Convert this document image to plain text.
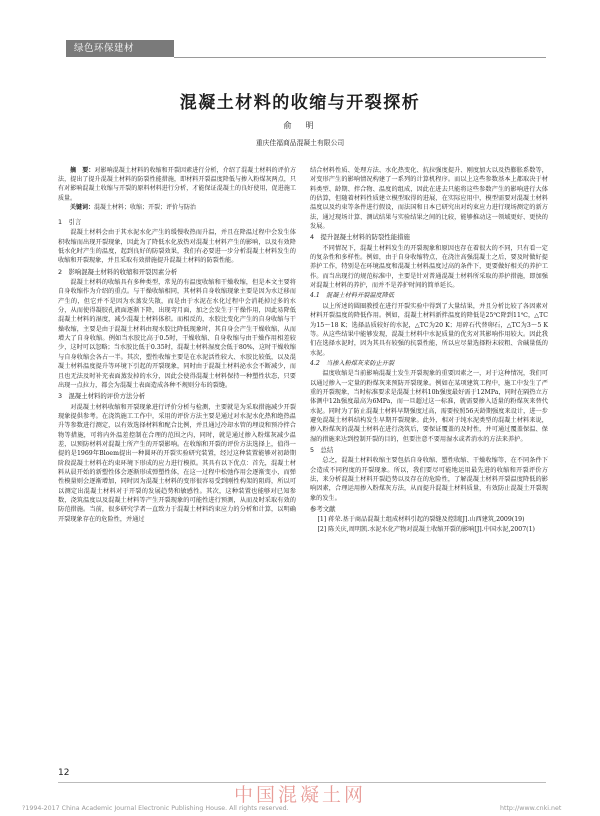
绿色环保建材
混凝土材料的收缩与开裂探析
俞　明
重庆佳福商品混凝土有限公司

摘　要：对影响混凝土材料的收缩和开裂因素进行分析，介绍了混凝土材料的评价方法，提出了提升混凝土材料的防裂性能措施，即材料开裂温度降低与掺入粉煤灰两点，只有对影响混凝土收缩与开裂的原料材料进行分析，才能保证混凝土的良好使用，促进施工质量。

关键词：混凝土材料；收缩；开裂；评价与防治

1　引言

混凝土材料会由于其水泥水化产生的缓慢收热而升温，并且在降温过程中会发生体积收缩而出现开裂现象，因此为了降低水化放热对混凝土材料产生的影响，以及有效降低水化时产生的温度，起到良好的防裂效果，我们有必要进一步分析混凝土材料发生的收缩和开裂现象，并且采取有效措施提升混凝土材料的防裂性能。

2　影响混凝土材料的收缩和开裂因素分析

混凝土材料的收缩具有多种类型，常见的有温度收缩和干燥收缩，但是本文主要将自身收缩作为介绍的重点。与干燥收缩相同，其材料自身收缩现象主要是因为水迁移而产生的，但它并不是因为水蒸发失散，而是由于水泥在水化过程中会消耗掉过多的水分，从而使得凝胶孔液面逐渐下降，出现弯月面，加之会发生于干燥作用，因此易降低混凝土材料的湿度，减少混凝土材料体积。而相反的，水胶比变化产生的自身收缩与干燥收缩，主要是由于混凝土材料由现水胶比降低现象时，其自身会产生干燥收缩，从而增大了自身收缩。例如当水胶比高于0.5时，干燥收缩、自身收缩与由干燥作用相差较少，这时可以忽略；当水胶比低于0.35时，混凝土材料湿度会低于80%，这时干燥收缩与自身收缩会各占一半。其次，塑性收缩主要是在水泥活性较大、水胶比较低，以及混凝土材料温度提升等环境下引起的开裂现象，同时由于混凝土材料泌水会不断减少，而且也无法及时补充表面蒸发掉的水分，因此会使得混凝土材料保持一种塑性状态，只要出现一点拉力，都会为混凝土表面造成各种不规则分布的裂缝。

3　混凝土材料的评价方法分析

对混凝土材料收缩和开裂现象进行评价分析与检测，主要就是为采取措施减少开裂现象提供参考。在浇筑施工工作中，采用的评价方法主要是通过对水泥水化热和绝热温升等参数进行测定，以有效选择材料和配合比例，并且通过冷却水管的埋设和预冷拌合物等措施，可将内外温差控制在合理的范围之内，同时，就是通过掺入粉煤灰减少温差，以预防材料对混凝土所产生的开裂影响。在收缩和开裂的评价方法选择上，值得一提的是1969年Bloem提出一种圆环的开裂实验研究装置，经过这种装置能够对初龄期阶段混凝土材料在约束环境下形成的应力进行模拟。其具有以下优点：首先，混凝土材料从晨开始的新塑性体会逐渐形成弹塑性体，在这一过程中松弛作用会逐渐变小，而弹性模量则会逐渐增加，同时因为混凝土材料的变形很容易受到刚性构架的阻碍，所以可以测定出混凝土材料对于开裂的发展趋势和敏感性。其次，这种装置也能够对已知参数，浇筑温度以及混凝土材料等产生开裂现象的可能性进行预测，从而及时采取有效的防范措施。当前，很多研究学者一直致力于混凝土材料约束应力的分析和计算，以明确开裂现象存在的危险性，并通过

结合材料性质、处理方法、水化热变化、抗拉强度提升、刚度加大以及热膨胀系数等，对变形产生的影响情况构建了一系列的计算机程序。而以上这些参数基本上都取决于材料类型、龄期、拌合物、温度的组成，因此在进去只能将这些参数产生的影响进行大体的估算，但随着材料性质建立模型取得的进展，在实际应用中，模型需要对混凝土材料温度以及约束等条件进行假设，而法国和日本已研究出对约束应力进行现场测定的新方法，通过现场计算、测试结果与实验结果之间的比较，能够推动这一领域更好、更快的发展。

4　提升混凝土材料的防裂性能措施

不同情况下，混凝土材料发生的开裂现象和原因也存在着很大的不同，只有看一定的复杂性和多样性。例如，由于自身收缩特点，在浇注高强混凝土之后，要及时做好提养护工作，特别是在环境温度和混凝土材料温度过高的条件下，更要做好相关的养护工作。而当出现行的规范标准中，主要是针对普通混凝土材料所采取的养护措施，即加强对混凝土材料的养护，而并不是养护时间的简单延长。

4.1　混凝土材料开裂温度降低

以上所述的圆圈教授在进行开裂实验中得到了大量结果，并且分析比较了各因素对材料开裂温度的降低作用。例如，混凝土材料新拌温度的降低是25℃降到11℃，△TC为15～18 K；选择品质较好的水泥，△TC为20 K；用碎石代替卵石，△TC为3～5 K等。从这些结果中能够发现，混凝土材料中水泥质量的优劣对其影响作用较大。因此我们在选择水泥时，因为其具有较强的抗裂性能，所以应尽量选择粉末较粗、含碱量低的水泥。

4.2　当掺入粉煤灰来防止开裂

温度收缩是当前影响混凝土发生开裂现象的重要因素之一，对于这种情况，我们可以通过掺入一定量的粉煤灰来预防开裂现象。例如在某项建筑工程中，施工中发生了严重的开裂现象，当时标准要求是混凝土材料10h强度最好需于12MPa，同时在隔热立方体测中12h强度最高为6MPa，而一旦超过这一标准，就需要掺入适量的粉煤灰来替代水泥。同时为了防止混凝土材料早期强度过高，需要按照56天龄期强度来设计，进一步避免混凝土材料结构发生早期开裂现象。此外，相对于纯水泥类型的混凝土材料来说，掺入粉煤灰的混凝土材料在进行浇筑后，要保证覆盖的及时性，并可通过覆盖保温、保湿的措施来达到控制开裂的目的，但要注意不要用湿水或者消水的方法来养护。

5　总结

总之，混凝土材料收缩主要包括自身收缩、塑性收缩、干燥收缩等，在不同条件下会造成不同程度的开裂现象。所以，我们要尽可能地运用最先进的收缩和开裂评价方法，来分析混凝土材料开裂趋势以及存在的危险性，了解混凝土材料开裂温度降低的影响因素，合理运用掺入粉煤灰方法，从而提升混凝土材料质量，有效防止混凝土开裂现象的发生。

参考文献

[1] 蒋荣.基于商品混凝土组成材料引起的裂缝及控制[J].山西建筑,2009(19)

[2] 陈关庆,周明凯.水泥水化产物对混凝土收缩开裂的影响[J].中国水泥,2007(1)

12
中国混凝土网
?1994-2017 China Academic Journal Electronic Publishing House. All rights reserved.	http://www.cnki.net
